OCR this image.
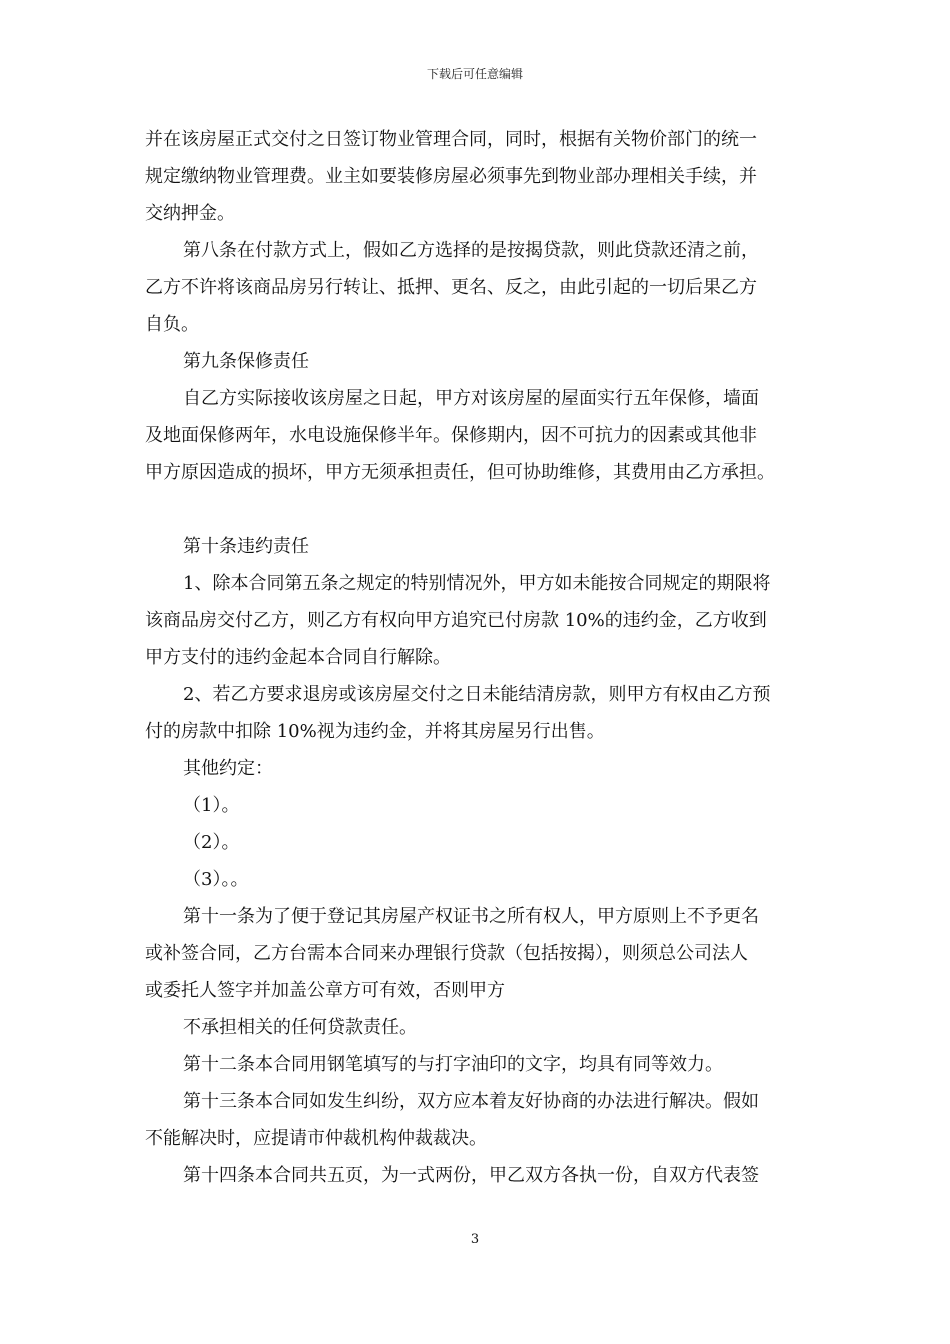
下载后可任意编辑

并在该房屋正式交付之日签订物业管理合同，同时，根据有关物价部门的统一

规定缴纳物业管理费。业主如要装修房屋必须事先到物业部办理相关手续，并

交纳押金。

第八条在付款方式上，假如乙方选择的是按揭贷款，则此贷款还清之前，

乙方不许将该商品房另行转让、抵押、更名、反之，由此引起的一切后果乙方

自负。

第九条保修责任

自乙方实际接收该房屋之日起，甲方对该房屋的屋面实行五年保修，墙面

及地面保修两年，水电设施保修半年。保修期内，因不可抗力的因素或其他非

甲方原因造成的损坏，甲方无须承担责任，但可协助维修，其费用由乙方承担。

第十条违约责任

1、除本合同第五条之规定的特别情况外，甲方如未能按合同规定的期限将

该商品房交付乙方，则乙方有权向甲方追究已付房款 10%的违约金，乙方收到

甲方支付的违约金起本合同自行解除。

2、若乙方要求退房或该房屋交付之日未能结清房款，则甲方有权由乙方预

付的房款中扣除 10%视为违约金，并将其房屋另行出售。

其他约定：

（1）。

（2）。

（3）。。

第十一条为了便于登记其房屋产权证书之所有权人，甲方原则上不予更名

或补签合同，乙方台需本合同来办理银行贷款（包括按揭），则须总公司法人

或委托人签字并加盖公章方可有效，否则甲方

不承担相关的任何贷款责任。

第十二条本合同用钢笔填写的与打字油印的文字，均具有同等效力。

第十三条本合同如发生纠纷，双方应本着友好协商的办法进行解决。假如

不能解决时，应提请市仲裁机构仲裁裁决。

第十四条本合同共五页，为一式两份，甲乙双方各执一份，自双方代表签

3
